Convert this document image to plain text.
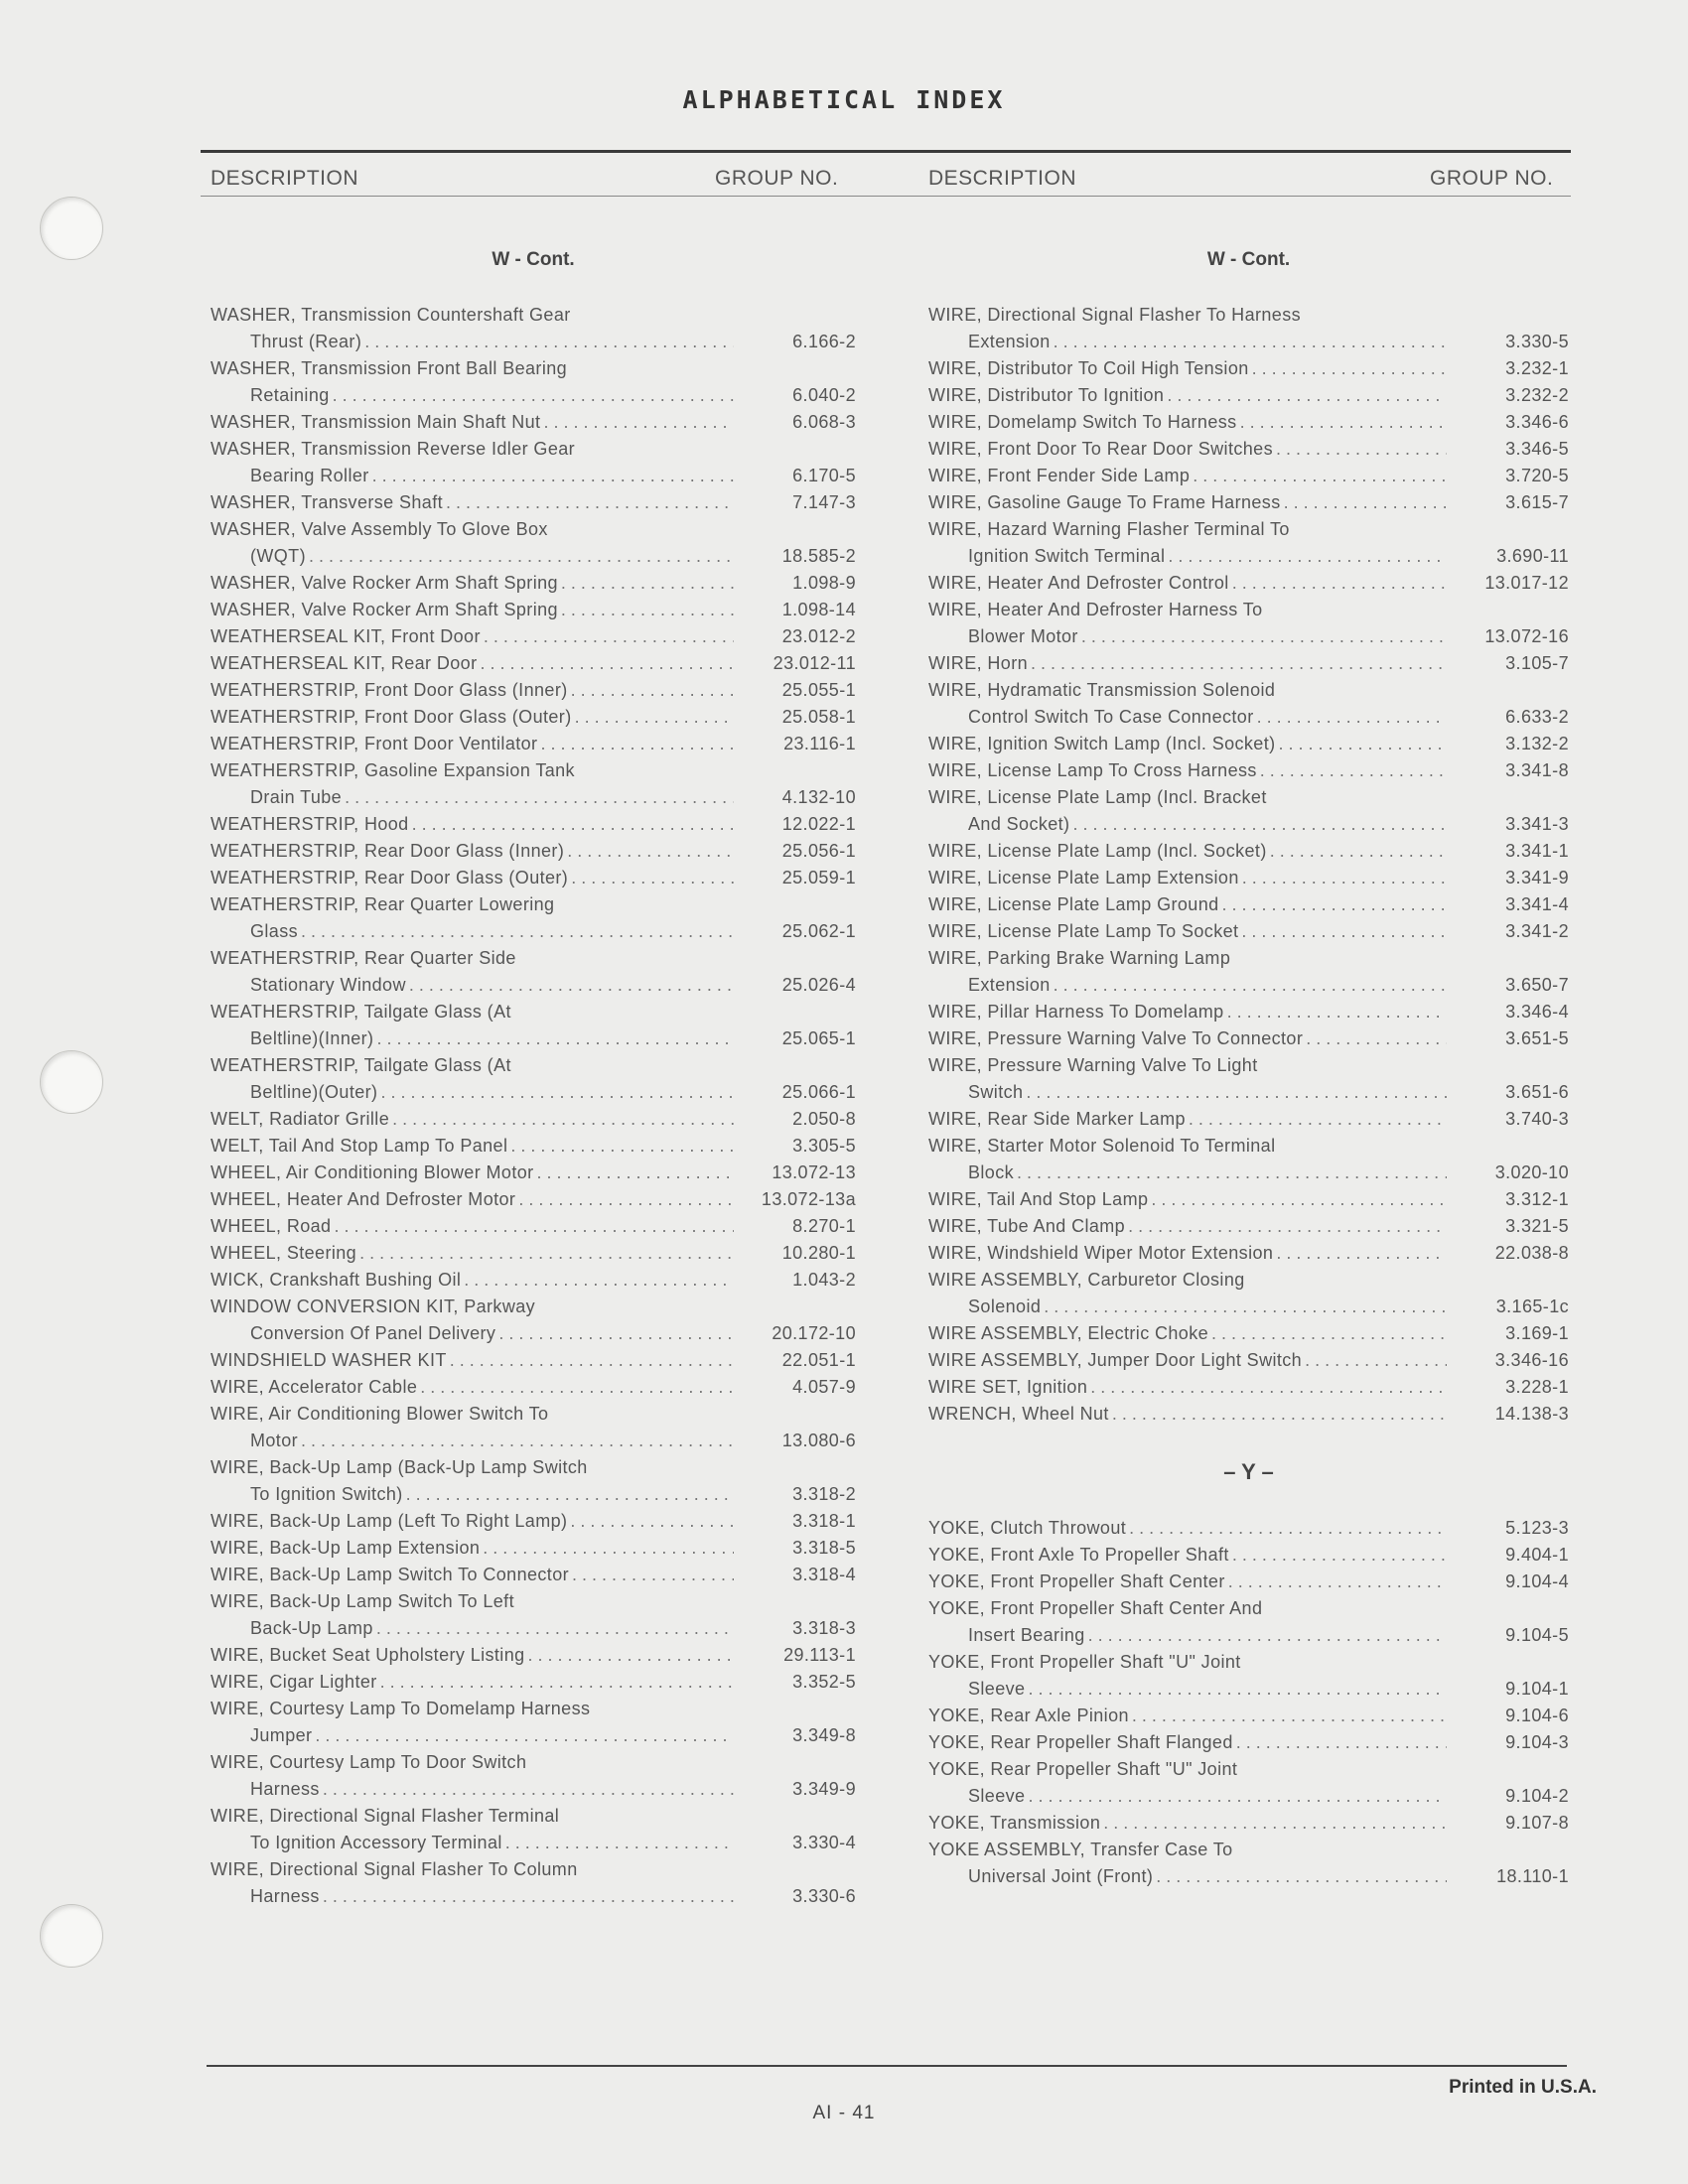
ALPHABETICAL INDEX
DESCRIPTION	GROUP NO.	DESCRIPTION	GROUP NO.
W - Cont.
WASHER, Transmission Countershaft Gear
Thrust (Rear) . . .	6.166-2
WASHER, Transmission Front Ball Bearing
Retaining . . .	6.040-2
WASHER, Transmission Main Shaft Nut . . .	6.068-3
WASHER, Transmission Reverse Idler Gear
Bearing Roller . . .	6.170-5
WASHER, Transverse Shaft . . .	7.147-3
WASHER, Valve Assembly To Glove Box
(WQT) . . .	18.585-2
WASHER, Valve Rocker Arm Shaft Spring . . .	1.098-9
WASHER, Valve Rocker Arm Shaft Spring . . .	1.098-14
WEATHERSEAL KIT, Front Door . . .	23.012-2
WEATHERSEAL KIT, Rear Door . . .	23.012-11
WEATHERSTRIP, Front Door Glass (Inner) . . .	25.055-1
WEATHERSTRIP, Front Door Glass (Outer) . . .	25.058-1
WEATHERSTRIP, Front Door Ventilator . . .	23.116-1
WEATHERSTRIP, Gasoline Expansion Tank
Drain Tube . . .	4.132-10
WEATHERSTRIP, Hood . . .	12.022-1
WEATHERSTRIP, Rear Door Glass (Inner) . . .	25.056-1
WEATHERSTRIP, Rear Door Glass (Outer) . . .	25.059-1
WEATHERSTRIP, Rear Quarter Lowering
Glass . . .	25.062-1
WEATHERSTRIP, Rear Quarter Side
Stationary Window . . .	25.026-4
WEATHERSTRIP, Tailgate Glass (At
Beltline)(Inner) . . .	25.065-1
WEATHERSTRIP, Tailgate Glass (At
Beltline)(Outer) . . .	25.066-1
WELT, Radiator Grille . . .	2.050-8
WELT, Tail And Stop Lamp To Panel . . .	3.305-5
WHEEL, Air Conditioning Blower Motor . . .	13.072-13
WHEEL, Heater And Defroster Motor . . .	13.072-13a
WHEEL, Road . . .	8.270-1
WHEEL, Steering . . .	10.280-1
WICK, Crankshaft Bushing Oil . . .	1.043-2
WINDOW CONVERSION KIT, Parkway
Conversion Of Panel Delivery . . .	20.172-10
WINDSHIELD WASHER KIT . . .	22.051-1
WIRE, Accelerator Cable . . .	4.057-9
WIRE, Air Conditioning Blower Switch To
Motor . . .	13.080-6
WIRE, Back-Up Lamp (Back-Up Lamp Switch
To Ignition Switch) . . .	3.318-2
WIRE, Back-Up Lamp (Left To Right Lamp) . . .	3.318-1
WIRE, Back-Up Lamp Extension . . .	3.318-5
WIRE, Back-Up Lamp Switch To Connector . . .	3.318-4
WIRE, Back-Up Lamp Switch To Left
Back-Up Lamp . . .	3.318-3
WIRE, Bucket Seat Upholstery Listing . . .	29.113-1
WIRE, Cigar Lighter . . .	3.352-5
WIRE, Courtesy Lamp To Domelamp Harness
Jumper . . .	3.349-8
WIRE, Courtesy Lamp To Door Switch
Harness . . .	3.349-9
WIRE, Directional Signal Flasher Terminal
To Ignition Accessory Terminal . . .	3.330-4
WIRE, Directional Signal Flasher To Column
Harness . . .	3.330-6
W - Cont.
WIRE, Directional Signal Flasher To Harness
Extension . . .	3.330-5
WIRE, Distributor To Coil High Tension . . .	3.232-1
WIRE, Distributor To Ignition . . .	3.232-2
WIRE, Domelamp Switch To Harness . . .	3.346-6
WIRE, Front Door To Rear Door Switches . . .	3.346-5
WIRE, Front Fender Side Lamp . . .	3.720-5
WIRE, Gasoline Gauge To Frame Harness . . .	3.615-7
WIRE, Hazard Warning Flasher Terminal To
Ignition Switch Terminal . . .	3.690-11
WIRE, Heater And Defroster Control . . .	13.017-12
WIRE, Heater And Defroster Harness To
Blower Motor . . .	13.072-16
WIRE, Horn . . .	3.105-7
WIRE, Hydramatic Transmission Solenoid
Control Switch To Case Connector . . .	6.633-2
WIRE, Ignition Switch Lamp (Incl. Socket) . . .	3.132-2
WIRE, License Lamp To Cross Harness . . .	3.341-8
WIRE, License Plate Lamp (Incl. Bracket
And Socket) . . .	3.341-3
WIRE, License Plate Lamp (Incl. Socket) . . .	3.341-1
WIRE, License Plate Lamp Extension . . .	3.341-9
WIRE, License Plate Lamp Ground . . .	3.341-4
WIRE, License Plate Lamp To Socket . . .	3.341-2
WIRE, Parking Brake Warning Lamp
Extension . . .	3.650-7
WIRE, Pillar Harness To Domelamp . . .	3.346-4
WIRE, Pressure Warning Valve To Connector . . .	3.651-5
WIRE, Pressure Warning Valve To Light
Switch . . .	3.651-6
WIRE, Rear Side Marker Lamp . . .	3.740-3
WIRE, Starter Motor Solenoid To Terminal
Block . . .	3.020-10
WIRE, Tail And Stop Lamp . . .	3.312-1
WIRE, Tube And Clamp . . .	3.321-5
WIRE, Windshield Wiper Motor Extension . . .	22.038-8
WIRE ASSEMBLY, Carburetor Closing
Solenoid . . .	3.165-1c
WIRE ASSEMBLY, Electric Choke . . .	3.169-1
WIRE ASSEMBLY, Jumper Door Light Switch . . .	3.346-16
WIRE SET, Ignition . . .	3.228-1
WRENCH, Wheel Nut . . .	14.138-3
– Y –
YOKE, Clutch Throwout . . .	5.123-3
YOKE, Front Axle To Propeller Shaft . . .	9.404-1
YOKE, Front Propeller Shaft Center . . .	9.104-4
YOKE, Front Propeller Shaft Center And
Insert Bearing . . .	9.104-5
YOKE, Front Propeller Shaft "U" Joint
Sleeve . . .	9.104-1
YOKE, Rear Axle Pinion . . .	9.104-6
YOKE, Rear Propeller Shaft Flanged . . .	9.104-3
YOKE, Rear Propeller Shaft "U" Joint
Sleeve . . .	9.104-2
YOKE, Transmission . . .	9.107-8
YOKE ASSEMBLY, Transfer Case To
Universal Joint (Front) . . .	18.110-1
Printed in U.S.A.
AI - 41
